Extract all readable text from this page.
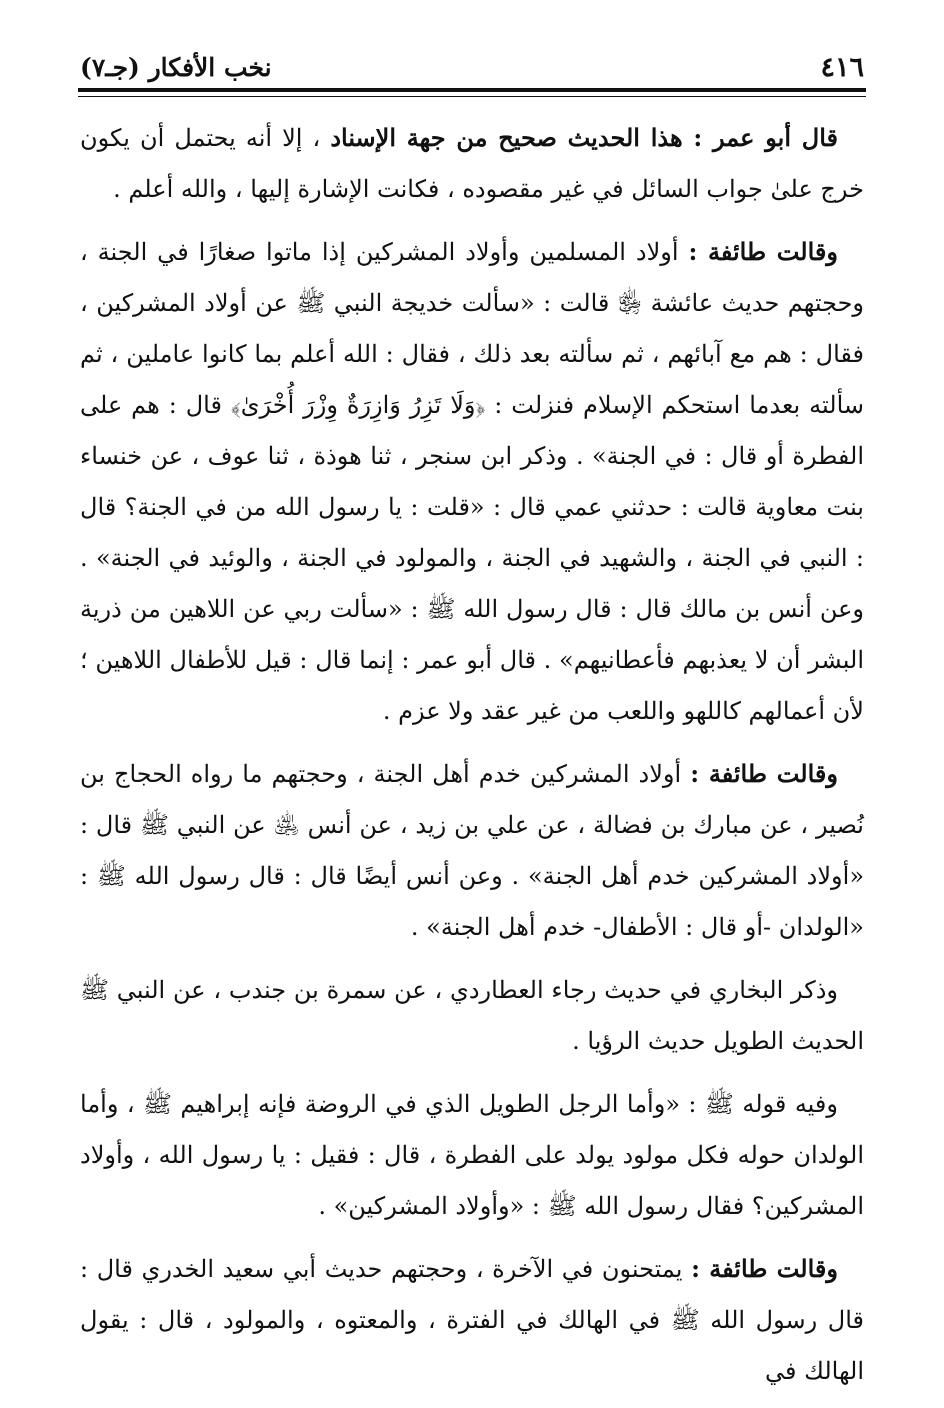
٤١٦
نخب الأفكار (جـ٧)

قال أبو عمر : هذا الحديث صحيح من جهة الإسناد ، إلا أنه يحتمل أن يكون خرج علىٰ جواب السائل في غير مقصوده ، فكانت الإشارة إليها ، والله أعلم .

وقالت طائفة : أولاد المسلمين وأولاد المشركين إذا ماتوا صغارًا في الجنة ، وحجتهم حديث عائشة ﵂ قالت : «سألت خديجة النبي ﷺ عن أولاد المشركين ، فقال : هم مع آبائهم ، ثم سألته بعد ذلك ، فقال : الله أعلم بما كانوا عاملين ، ثم سألته بعدما استحكم الإسلام فنزلت : ﴿وَلَا تَزِرُ وَازِرَةٌ وِزْرَ أُخْرَىٰ﴾ قال : هم على الفطرة أو قال : في الجنة» . وذكر ابن سنجر ، ثنا هوذة ، ثنا عوف ، عن خنساء بنت معاوية قالت : حدثني عمي قال : «قلت : يا رسول الله من في الجنة؟ قال : النبي في الجنة ، والشهيد في الجنة ، والمولود في الجنة ، والوئيد في الجنة» . وعن أنس بن مالك قال : قال رسول الله ﷺ : «سألت ربي عن اللاهين من ذرية البشر أن لا يعذبهم فأعطانيهم» . قال أبو عمر : إنما قال : قيل للأطفال اللاهين ؛ لأن أعمالهم كاللهو واللعب من غير عقد ولا عزم .

وقالت طائفة : أولاد المشركين خدم أهل الجنة ، وحجتهم ما رواه الحجاج بن نُصير ، عن مبارك بن فضالة ، عن علي بن زيد ، عن أنس ﵁ عن النبي ﷺ قال : «أولاد المشركين خدم أهل الجنة» . وعن أنس أيضًا قال : قال رسول الله ﷺ : «الولدان -أو قال : الأطفال- خدم أهل الجنة» .

وذكر البخاري في حديث رجاء العطاردي ، عن سمرة بن جندب ، عن النبي ﷺ الحديث الطويل حديث الرؤيا .

وفيه قوله ﷺ : «وأما الرجل الطويل الذي في الروضة فإنه إبراهيم ﷺ ، وأما الولدان حوله فكل مولود يولد على الفطرة ، قال : فقيل : يا رسول الله ، وأولاد المشركين؟ فقال رسول الله ﷺ : «وأولاد المشركين» .

وقالت طائفة : يمتحنون في الآخرة ، وحجتهم حديث أبي سعيد الخدري قال : قال رسول الله ﷺ في الهالك في الفترة ، والمعتوه ، والمولود ، قال : يقول الهالك في
